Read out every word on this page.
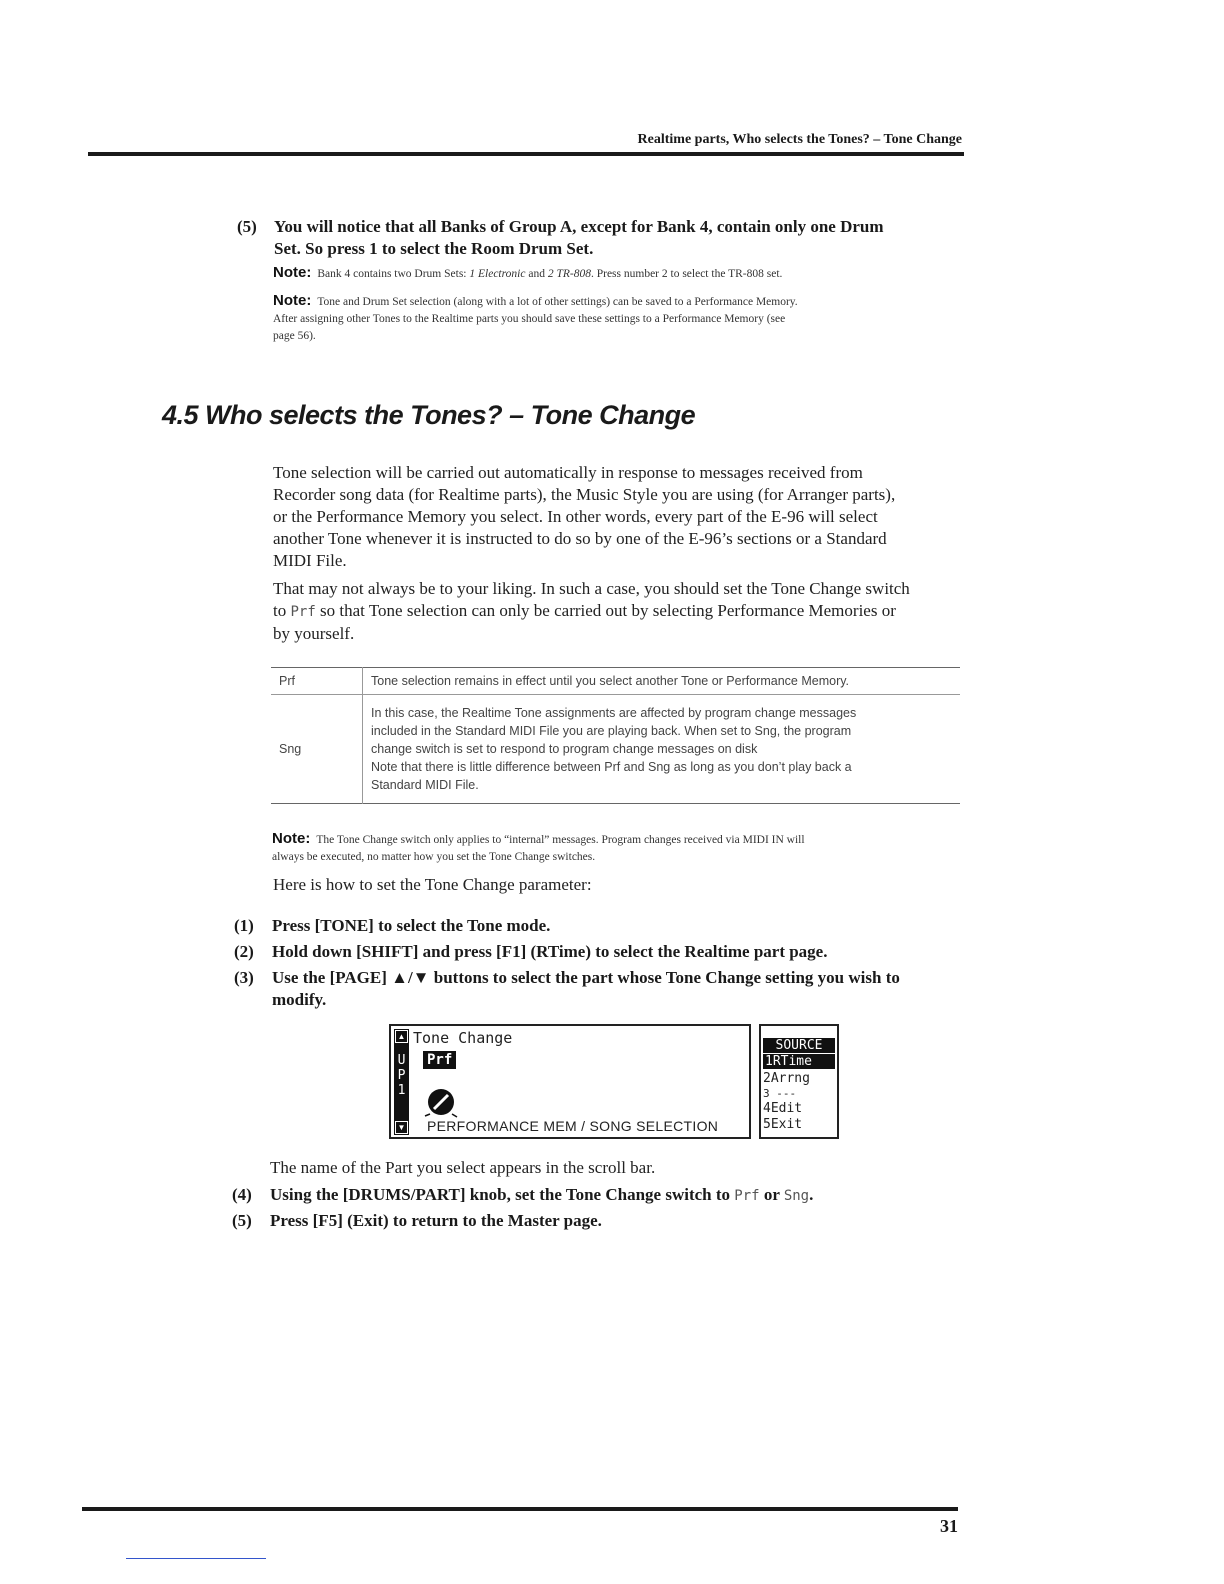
Realtime parts, Who selects the Tones? – Tone Change
(5) You will notice that all Banks of Group A, except for Bank 4, contain only one Drum
Set. So press 1 to select the Room Drum Set.
Note: Bank 4 contains two Drum Sets: 1 Electronic and 2 TR-808. Press number 2 to select the TR-808 set.
Note: Tone and Drum Set selection (along with a lot of other settings) can be saved to a Performance Memory.
After assigning other Tones to the Realtime parts you should save these settings to a Performance Memory (see
page 56).
4.5 Who selects the Tones? – Tone Change
Tone selection will be carried out automatically in response to messages received from
Recorder song data (for Realtime parts), the Music Style you are using (for Arranger parts),
or the Performance Memory you select. In other words, every part of the E-96 will select
another Tone whenever it is instructed to do so by one of the E-96’s sections or a Standard
MIDI File.
That may not always be to your liking. In such a case, you should set the Tone Change switch
to Prf so that Tone selection can only be carried out by selecting Performance Memories or
by yourself.
Prf	Tone selection remains in effect until you select another Tone or Performance Memory.
Sng	In this case, the Realtime Tone assignments are affected by program change messages
included in the Standard MIDI File you are playing back. When set to Sng, the program
change switch is set to respond to program change messages on disk
Note that there is little difference between Prf and Sng as long as you don’t play back a
Standard MIDI File.
Note: The Tone Change switch only applies to “internal” messages. Program changes received via MIDI IN will
always be executed, no matter how you set the Tone Change switches.
Here is how to set the Tone Change parameter:
(1) Press [TONE] to select the Tone mode.
(2) Hold down [SHIFT] and press [F1] (RTime) to select the Realtime part page.
(3) Use the [PAGE] ▲/▼ buttons to select the part whose Tone Change setting you wish to
modify.
▲
UP1
▼
Tone Change
Prf
PERFORMANCE MEM / SONG SELECTION
SOURCE
1RTime
2Arrng
3 ---
4Edit
5Exit
The name of the Part you select appears in the scroll bar.
(4) Using the [DRUMS/PART] knob, set the Tone Change switch to Prf or Sng.
(5) Press [F5] (Exit) to return to the Master page.
31
